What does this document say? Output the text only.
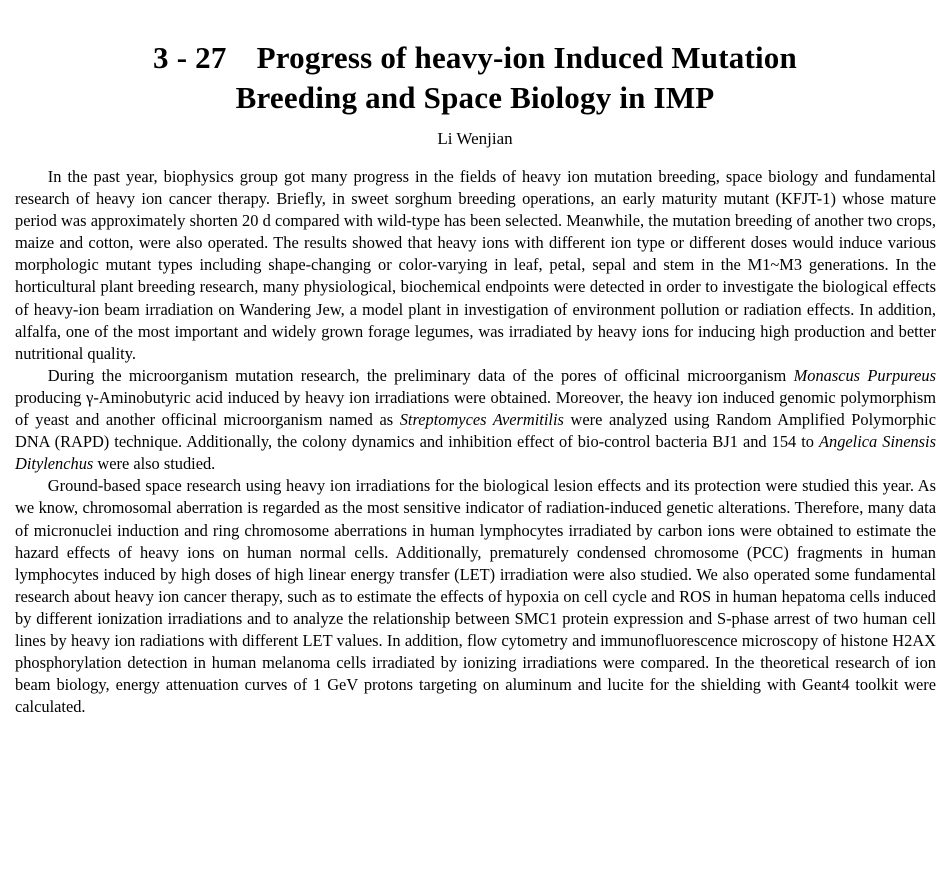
3 - 27 Progress of heavy-ion Induced Mutation
Breeding and Space Biology in IMP
Li Wenjian

In the past year, biophysics group got many progress in the fields of heavy ion mutation breeding, space biology and fundamental research of heavy ion cancer therapy. Briefly, in sweet sorghum breeding operations, an early maturity mutant (KFJT-1) whose mature period was approximately shorten 20 d compared with wild-type has been selected. Meanwhile, the mutation breeding of another two crops, maize and cotton, were also operated. The results showed that heavy ions with different ion type or different doses would induce various morphologic mutant types including shape-changing or color-varying in leaf, petal, sepal and stem in the M1~M3 generations. In the horticultural plant breeding research, many physiological, biochemical endpoints were detected in order to investigate the biological effects of heavy-ion beam irradiation on Wandering Jew, a model plant in investigation of environment pollution or radiation effects. In addition, alfalfa, one of the most important and widely grown forage legumes, was irradiated by heavy ions for inducing high production and better nutritional quality.

During the microorganism mutation research, the preliminary data of the pores of officinal microorganism Monascus Purpureus producing γ-Aminobutyric acid induced by heavy ion irradiations were obtained. Moreover, the heavy ion induced genomic polymorphism of yeast and another officinal microorganism named as Streptomyces Avermitilis were analyzed using Random Amplified Polymorphic DNA (RAPD) technique. Additionally, the colony dynamics and inhibition effect of bio-control bacteria BJ1 and 154 to Angelica Sinensis Ditylenchus were also studied.

Ground-based space research using heavy ion irradiations for the biological lesion effects and its protection were studied this year. As we know, chromosomal aberration is regarded as the most sensitive indicator of radiation-induced genetic alterations. Therefore, many data of micronuclei induction and ring chromosome aberrations in human lymphocytes irradiated by carbon ions were obtained to estimate the hazard effects of heavy ions on human normal cells. Additionally, prematurely condensed chromosome (PCC) fragments in human lymphocytes induced by high doses of high linear energy transfer (LET) irradiation were also studied. We also operated some fundamental research about heavy ion cancer therapy, such as to estimate the effects of hypoxia on cell cycle and ROS in human hepatoma cells induced by different ionization irradiations and to analyze the relationship between SMC1 protein expression and S-phase arrest of two human cell lines by heavy ion radiations with different LET values. In addition, flow cytometry and immunofluorescence microscopy of histone H2AX phosphorylation detection in human melanoma cells irradiated by ionizing irradiations were compared. In the theoretical research of ion beam biology, energy attenuation curves of 1 GeV protons targeting on aluminum and lucite for the shielding with Geant4 toolkit were calculated.
